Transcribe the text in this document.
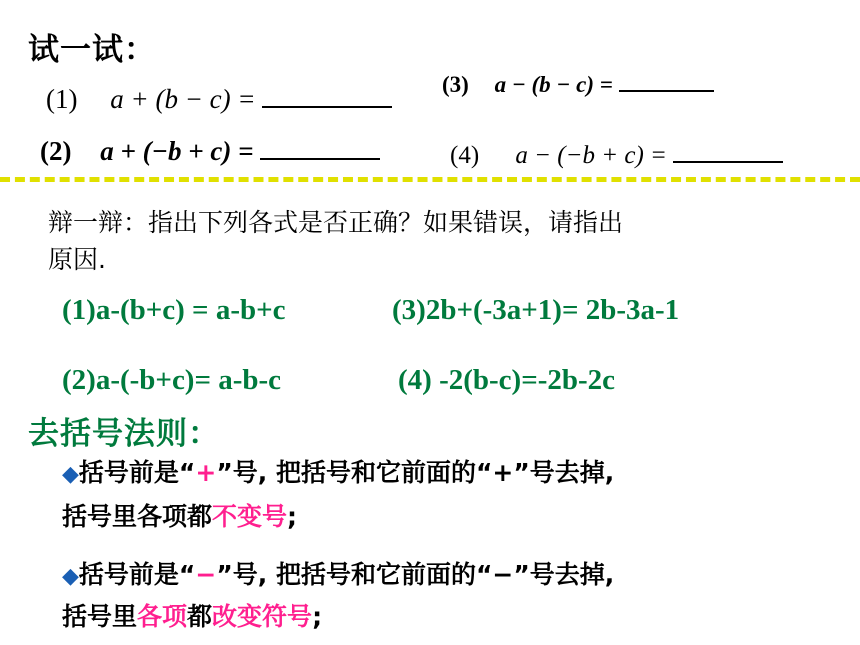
试一试：
(1) a + (b − c) =	(3) a − (b − c) =
(2) a + (−b + c) =	(4) a − (−b + c) =
辩一辩：指出下列各式是否正确？如果错误，请指出
原因.
(1)a-(b+c) = a-b+c	(3)2b+(-3a+1)= 2b-3a-1
(2)a-(-b+c)= a-b-c	(4) -2(b-c)=-2b-2c
去括号法则：
◆括号前是“+”号, 把括号和它前面的“+”号去掉,
括号里各项都不变号;
◆括号前是“−”号, 把括号和它前面的“−”号去掉,
括号里各项都改变符号;
